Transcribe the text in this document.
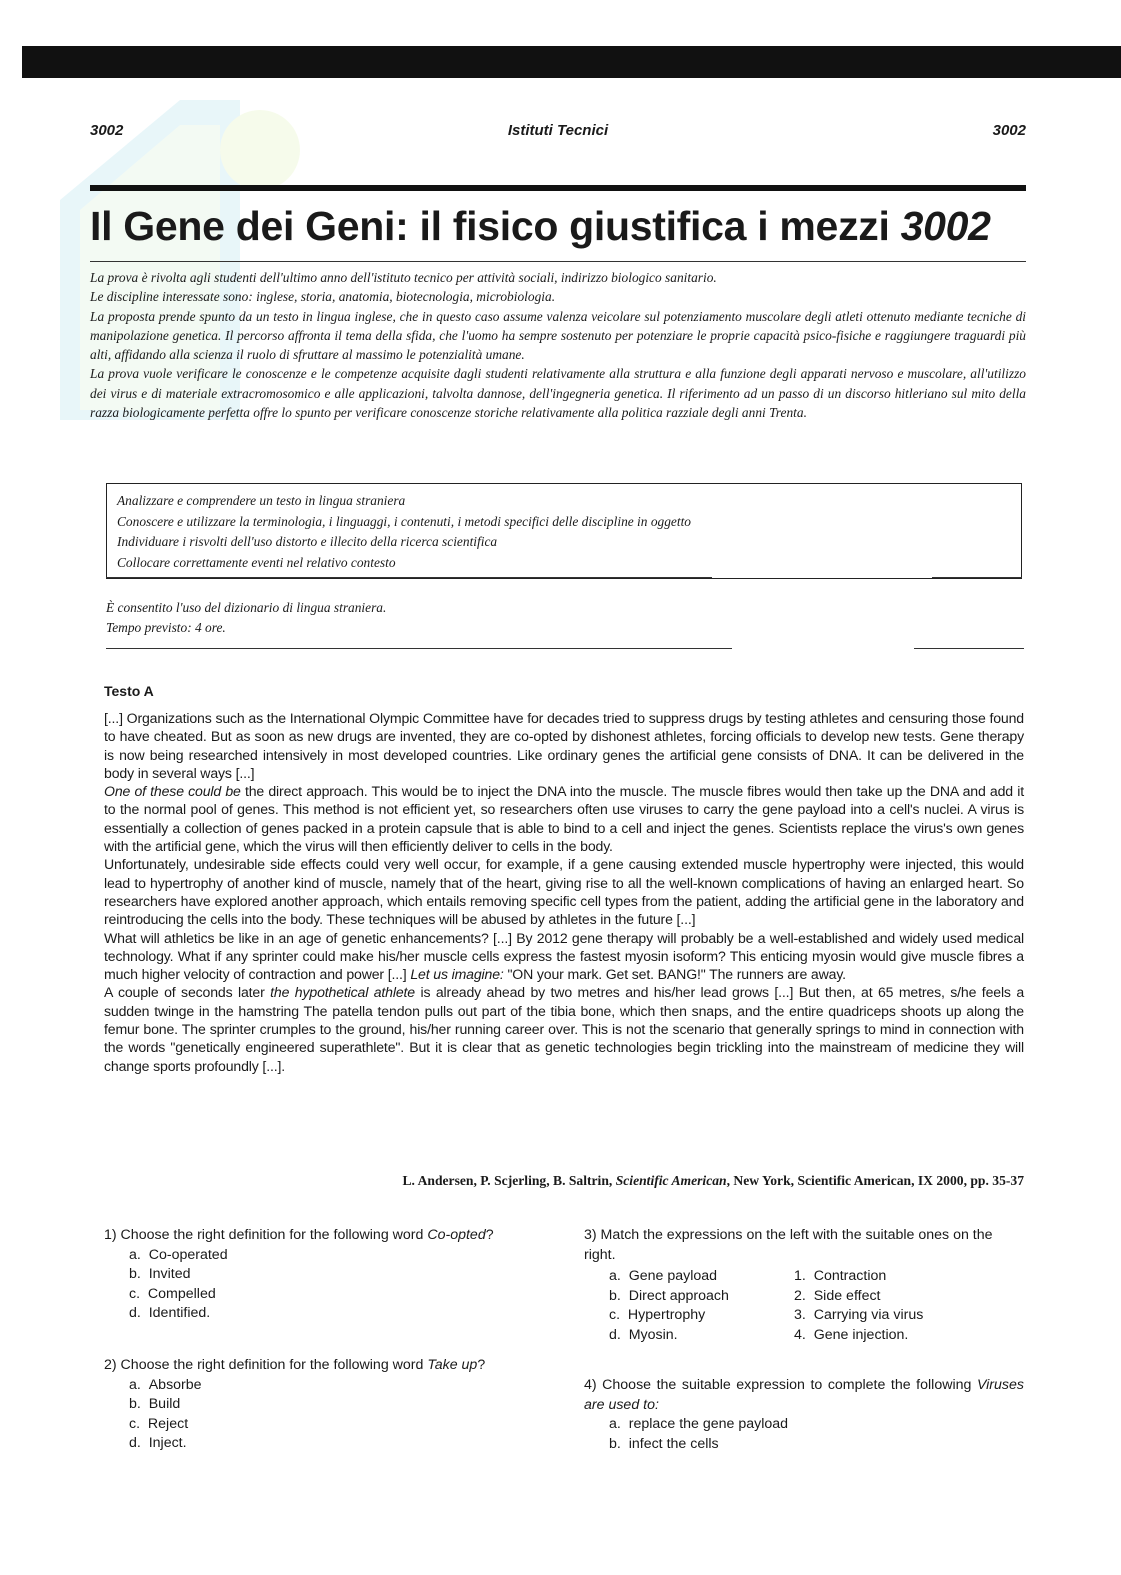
3002	Istituti Tecnici	3002
Il Gene dei Geni: il fisico giustifica i mezzi 3002

La prova è rivolta agli studenti dell'ultimo anno dell'istituto tecnico per attività sociali, indirizzo biologico sanitario.

Le discipline interessate sono: inglese, storia, anatomia, biotecnologia, microbiologia.

La proposta prende spunto da un testo in lingua inglese, che in questo caso assume valenza veicolare sul potenziamento muscolare degli atleti ottenuto mediante tecniche di manipolazione genetica. Il percorso affronta il tema della sfida, che l'uomo ha sempre sostenuto per potenziare le proprie capacità psico-fisiche e raggiungere traguardi più alti, affidando alla scienza il ruolo di sfruttare al massimo le potenzialità umane.

La prova vuole verificare le conoscenze e le competenze acquisite dagli studenti relativamente alla struttura e alla funzione degli apparati nervoso e muscolare, all'utilizzo dei virus e di materiale extracromosomico e alle applicazioni, talvolta dannose, dell'ingegneria genetica. Il riferimento ad un passo di un discorso hitleriano sul mito della razza biologicamente perfetta offre lo spunto per verificare conoscenze storiche relativamente alla politica razziale degli anni Trenta.

Analizzare e comprendere un testo in lingua straniera
Conoscere e utilizzare la terminologia, i linguaggi, i contenuti, i metodi specifici delle discipline in oggetto
Individuare i risvolti dell'uso distorto e illecito della ricerca scientifica
Collocare correttamente eventi nel relativo contesto

È consentito l'uso del dizionario di lingua straniera.

Tempo previsto: 4 ore.

Testo A

[...] Organizations such as the International Olympic Committee have for decades tried to suppress drugs by testing athletes and censuring those found to have cheated. But as soon as new drugs are invented, they are co-opted by dishonest athletes, forcing officials to develop new tests. Gene therapy is now being researched intensively in most developed countries. Like ordinary genes the artificial gene consists of DNA. It can be delivered in the body in several ways [...]

One of these could be the direct approach. This would be to inject the DNA into the muscle. The muscle fibres would then take up the DNA and add it to the normal pool of genes. This method is not efficient yet, so researchers often use viruses to carry the gene payload into a cell's nuclei. A virus is essentially a collection of genes packed in a protein capsule that is able to bind to a cell and inject the genes. Scientists replace the virus's own genes with the artificial gene, which the virus will then efficiently deliver to cells in the body.

Unfortunately, undesirable side effects could very well occur, for example, if a gene causing extended muscle hypertrophy were injected, this would lead to hypertrophy of another kind of muscle, namely that of the heart, giving rise to all the well-known complications of having an enlarged heart. So researchers have explored another approach, which entails removing specific cell types from the patient, adding the artificial gene in the laboratory and reintroducing the cells into the body. These techniques will be abused by athletes in the future [...]

What will athletics be like in an age of genetic enhancements? [...] By 2012 gene therapy will probably be a well-established and widely used medical technology. What if any sprinter could make his/her muscle cells express the fastest myosin isoform? This enticing myosin would give muscle fibres a much higher velocity of contraction and power [...] Let us imagine: "ON your mark. Get set. BANG!" The runners are away.

A couple of seconds later the hypothetical athlete is already ahead by two metres and his/her lead grows [...] But then, at 65 metres, s/he feels a sudden twinge in the hamstring The patella tendon pulls out part of the tibia bone, which then snaps, and the entire quadriceps shoots up along the femur bone. The sprinter crumples to the ground, his/her running career over. This is not the scenario that generally springs to mind in connection with the words "genetically engineered superathlete". But it is clear that as genetic technologies begin trickling into the mainstream of medicine they will change sports profoundly [...].

L. Andersen, P. Scjerling, B. Saltrin, Scientific American, New York, Scientific American, IX 2000, pp. 35-37

1) Choose the right definition for the following word Co-opted?

a.  Co-operated
b.  Invited
c.  Compelled
d.  Identified.

2) Choose the right definition for the following word Take up?

a.  Absorbe
b.  Build
c.  Reject
d.  Inject.

3) Match the expressions on the left with the suitable ones on the right.

a.  Gene payload	1.  Contraction
b.  Direct approach	2.  Side effect
c.  Hypertrophy	3.  Carrying via virus
d.  Myosin.	4.  Gene injection.

4) Choose the suitable expression to complete the following Viruses are used to:

a.  replace the gene payload
b.  infect the cells
